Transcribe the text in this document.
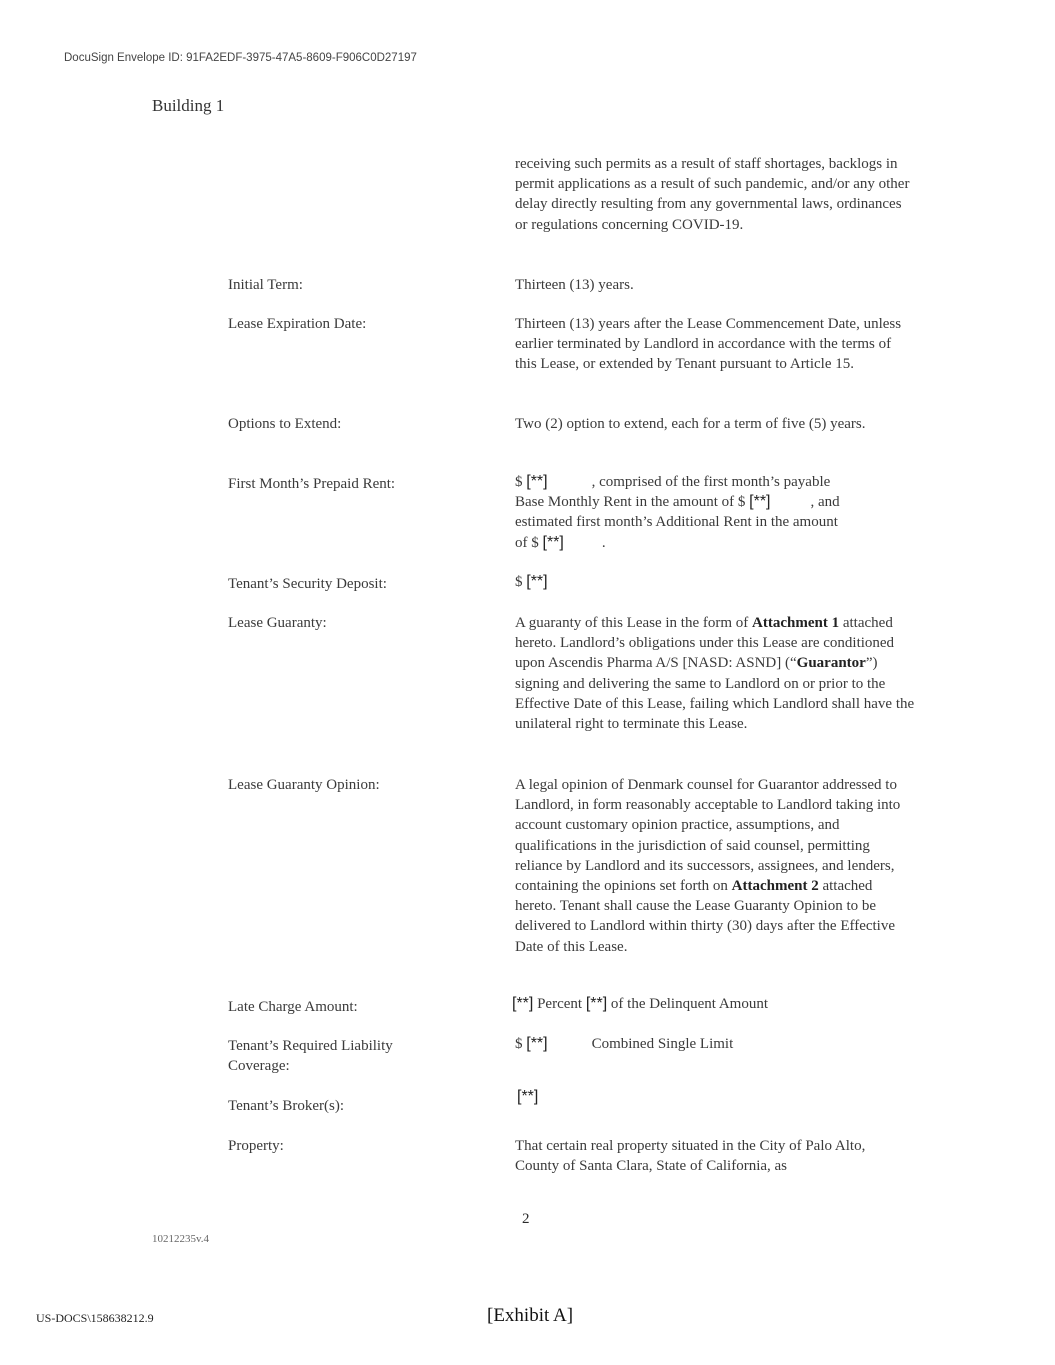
DocuSign Envelope ID: 91FA2EDF-3975-47A5-8609-F906C0D27197
Building 1
receiving such permits as a result of staff shortages, backlogs in permit applications as a result of such pandemic, and/or any other delay directly resulting from any governmental laws, ordinances or regulations concerning COVID-19.
Initial Term:	Thirteen (13) years.
Lease Expiration Date:	Thirteen (13) years after the Lease Commencement Date, unless earlier terminated by Landlord in accordance with the terms of this Lease, or extended by Tenant pursuant to Article 15.
Options to Extend:	Two (2) option to extend, each for a term of five (5) years.
First Month’s Prepaid Rent:	$ [**]	, comprised of the first month’s payable
Base Monthly Rent in the amount of $ [**]	, and
estimated first month’s Additional Rent in the amount
of $ [**]	.
Tenant’s Security Deposit:	$ [**]
Lease Guaranty:	A guaranty of this Lease in the form of Attachment 1 attached hereto. Landlord’s obligations under this Lease are conditioned upon Ascendis Pharma A/S [NASD: ASND] (“Guarantor”) signing and delivering the same to Landlord on or prior to the Effective Date of this Lease, failing which Landlord shall have the unilateral right to terminate this Lease.
Lease Guaranty Opinion:	A legal opinion of Denmark counsel for Guarantor addressed to Landlord, in form reasonably acceptable to Landlord taking into account customary opinion practice, assumptions, and qualifications in the jurisdiction of said counsel, permitting reliance by Landlord and its successors, assignees, and lenders, containing the opinions set forth on Attachment 2 attached hereto. Tenant shall cause the Lease Guaranty Opinion to be delivered to Landlord within thirty (30) days after the Effective Date of this Lease.
Late Charge Amount:	[**] Percent [**] of the Delinquent Amount
Tenant’s Required Liability Coverage:
$ [**]	Combined Single Limit
Tenant’s Broker(s):
[**]
Property:	That certain real property situated in the City of Palo Alto, County of Santa Clara, State of California, as
2
10212235v.4
US-DOCS\158638212.9	[Exhibit A]
